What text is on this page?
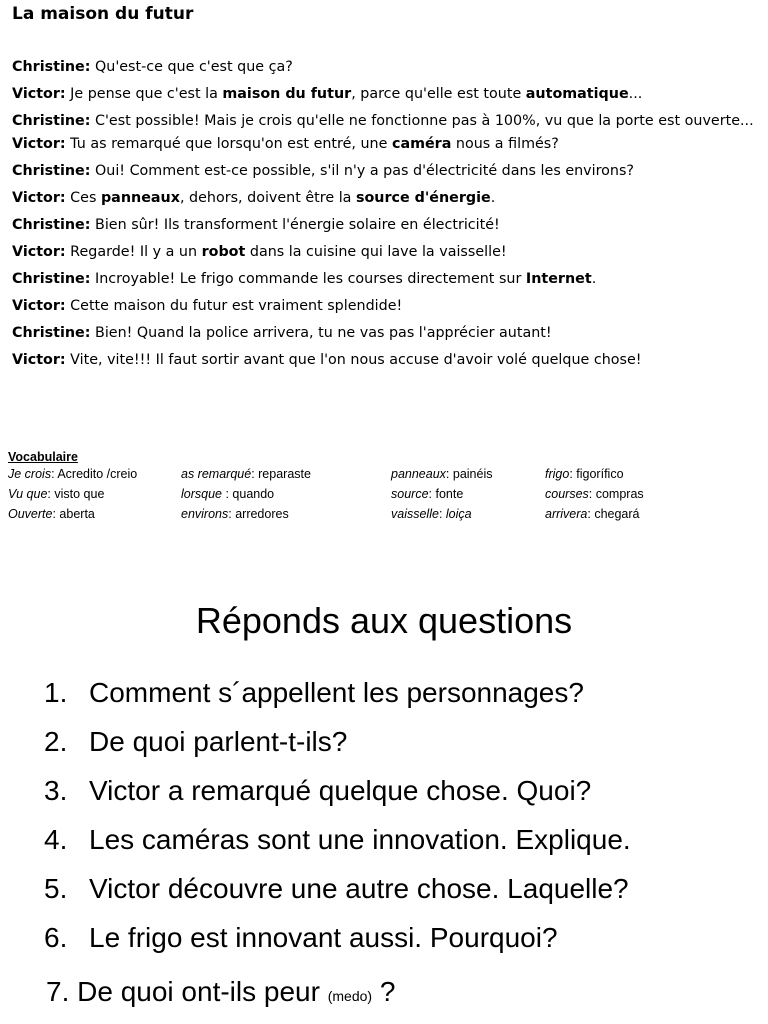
La maison du futur
Christine: Qu'est-ce que c'est que ça?
Victor: Je pense que c'est la maison du futur, parce qu'elle est toute automatique...
Christine: C'est possible! Mais je crois qu'elle ne fonctionne pas à 100%, vu que la porte est ouverte...
Victor: Tu as remarqué que lorsqu'on est entré, une caméra nous a filmés?
Christine: Oui! Comment est-ce possible, s'il n'y a pas d'électricité dans les environs?
Victor: Ces panneaux, dehors, doivent être la source d'énergie.
Christine: Bien sûr! Ils transforment l'énergie solaire en électricité!
Victor: Regarde! Il y a un robot dans la cuisine qui lave la vaisselle!
Christine: Incroyable! Le frigo commande les courses directement sur Internet.
Victor: Cette maison du futur est vraiment splendide!
Christine: Bien! Quand la police arrivera, tu ne vas pas l'apprécier autant!
Victor: Vite, vite!!! Il faut sortir avant que l'on nous accuse d'avoir volé quelque chose!
Vocabulaire
Je crois: Acredito /creio	as remarqué: reparaste	panneaux: painéis	frigo: figorífico
Vu que: visto que	lorsque : quando	source: fonte	courses: compras
Ouverte: aberta	environs: arredores	vaisselle: loiça	arrivera: chegará
Réponds aux questions
1. Comment s´appellent les personnages?
2. De quoi parlent-t-ils?
3. Victor a remarqué quelque chose. Quoi?
4. Les caméras sont une innovation. Explique.
5. Victor découvre une autre chose. Laquelle?
6. Le frigo est innovant aussi. Pourquoi?
7. De quoi ont-ils peur (medo) ?
